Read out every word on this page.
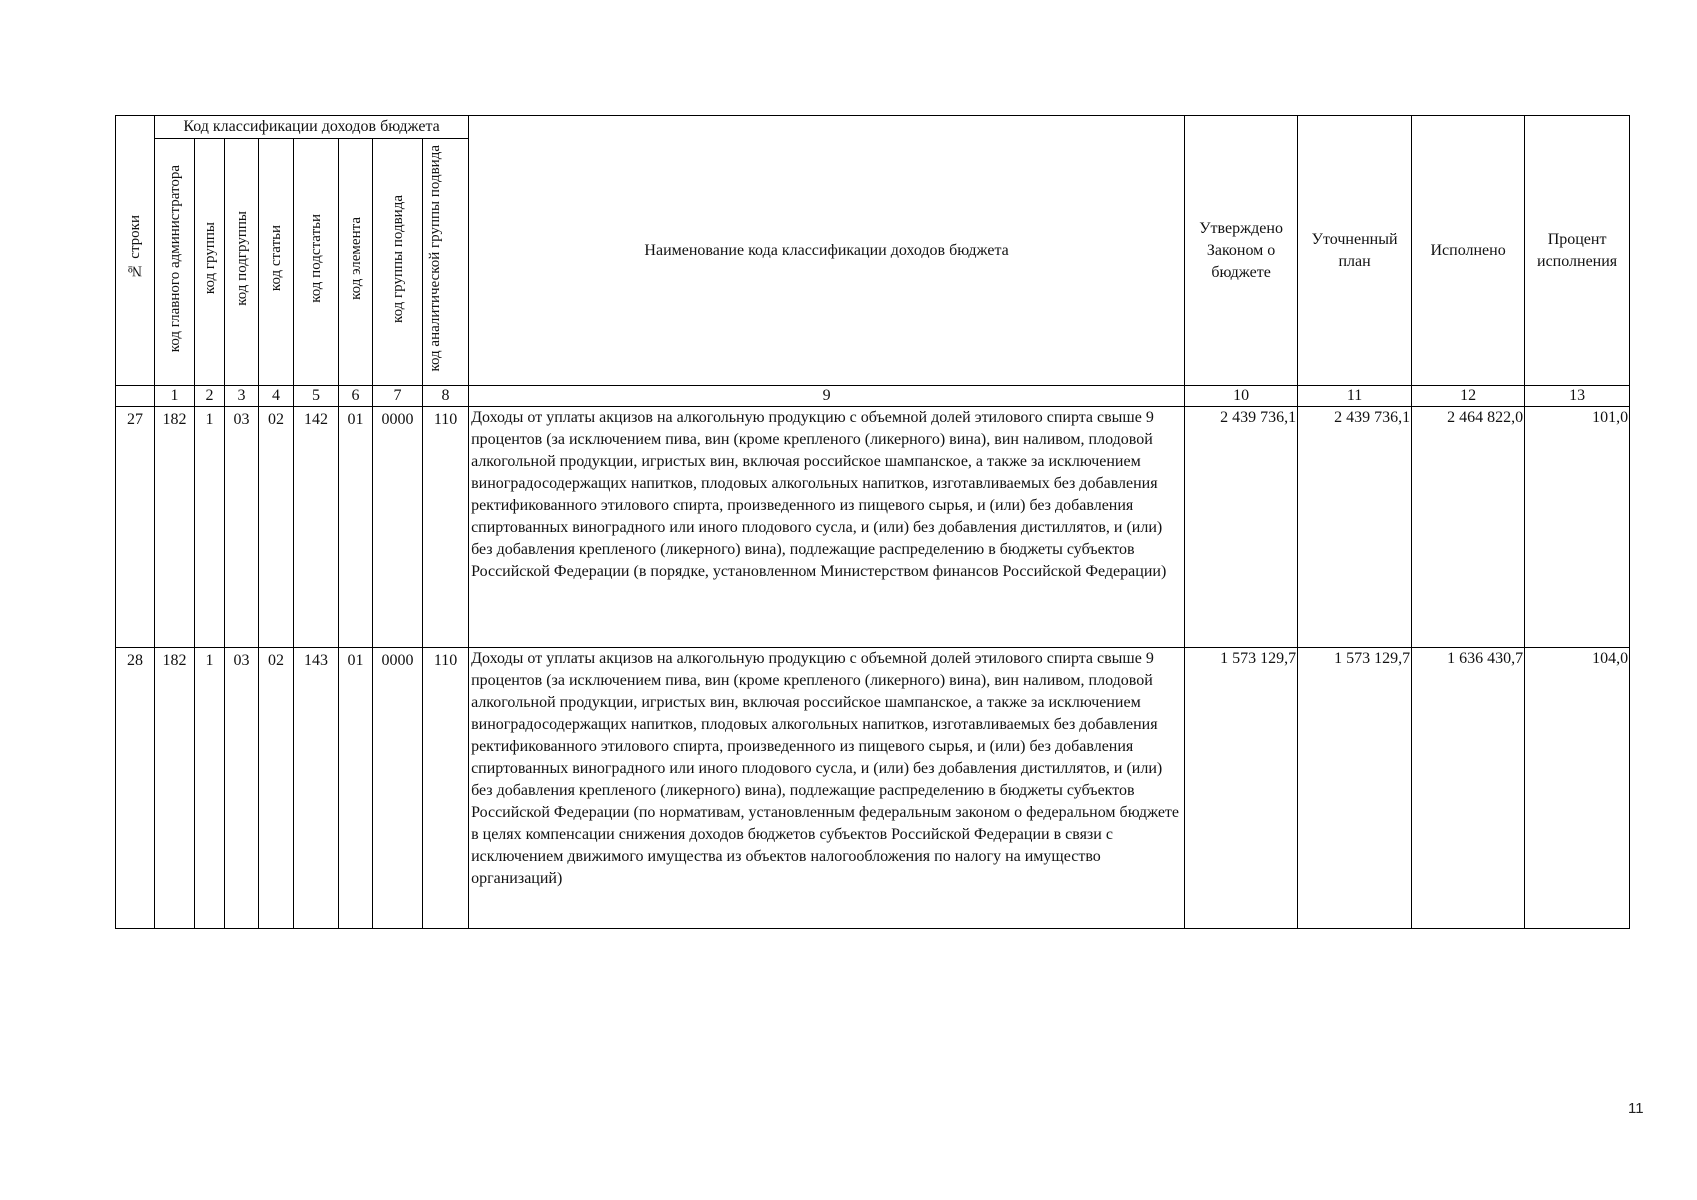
№ строки	Код классификации доходов бюджета								Наименование кода классификации доходов бюджета	Утверждено Законом о бюджете	Уточненный план	Исполнено	Процент исполнения
	код главного администратора	код группы	код подгруппы	код статьи	код подстатьи	код элемента	код группы подвида	код аналитической группы подвида					
	1	2	3	4	5	6	7	8	9	10	11	12	13
27	182	1	03	02	142	01	0000	110	Доходы от уплаты акцизов на алкогольную продукцию с объемной долей этилового спирта свыше 9 процентов (за исключением пива, вин (кроме крепленого (ликерного) вина), вин наливом, плодовой алкогольной продукции, игристых вин, включая российское шампанское, а также за исключением виноградосодержащих напитков, плодовых алкогольных напитков, изготавливаемых без добавления ректификованного этилового спирта, произведенного из пищевого сырья, и (или) без добавления спиртованных виноградного или иного плодового сусла, и (или) без добавления дистиллятов, и (или) без добавления крепленого (ликерного) вина), подлежащие распределению в бюджеты субъектов Российской Федерации (в порядке, установленном Министерством финансов Российской Федерации)	2 439 736,1	2 439 736,1	2 464 822,0	101,0
28	182	1	03	02	143	01	0000	110	Доходы от уплаты акцизов на алкогольную продукцию с объемной долей этилового спирта свыше 9 процентов (за исключением пива, вин (кроме крепленого (ликерного) вина), вин наливом, плодовой алкогольной продукции, игристых вин, включая российское шампанское, а также за исключением виноградосодержащих напитков, плодовых алкогольных напитков, изготавливаемых без добавления ректификованного этилового спирта, произведенного из пищевого сырья, и (или) без добавления спиртованных виноградного или иного плодового сусла, и (или) без добавления дистиллятов, и (или) без добавления крепленого (ликерного) вина), подлежащие распределению в бюджеты субъектов Российской Федерации (по нормативам, установленным федеральным законом о федеральном бюджете в целях компенсации снижения доходов бюджетов субъектов Российской Федерации в связи с исключением движимого имущества из объектов налогообложения по налогу на имущество организаций)	1 573 129,7	1 573 129,7	1 636 430,7	104,0
11
